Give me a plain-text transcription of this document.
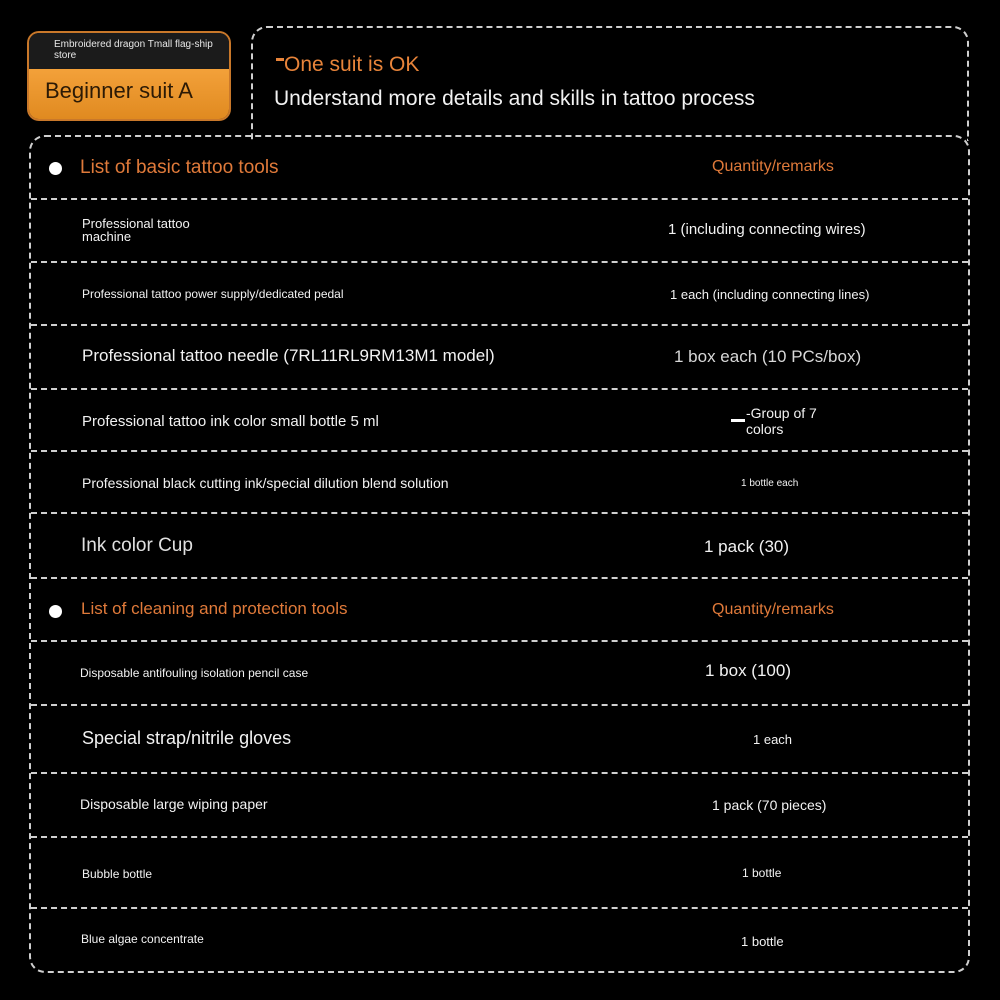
Embroidered dragon Tmall flag-ship store
Beginner suit A
One suit is OK
Understand more details and skills in tattoo process
List of basic tattoo tools	Quantity/remarks
Professional tattoo machine	1 (including connecting wires)
Professional tattoo power supply/dedicated pedal	1 each (including connecting lines)
Professional tattoo needle (7RL11RL9RM13M1 model)	1 box each (10 PCs/box)
Professional tattoo ink color small bottle 5 ml	-Group of 7 colors
Professional black cutting ink/special dilution blend solution	1 bottle each
Ink color Cup	1 pack (30)
List of cleaning and protection tools	Quantity/remarks
Disposable antifouling isolation pencil case	1 box (100)
Special strap/nitrile gloves	1 each
Disposable large wiping paper	1 pack (70 pieces)
Bubble bottle	1 bottle
Blue algae concentrate	1 bottle
